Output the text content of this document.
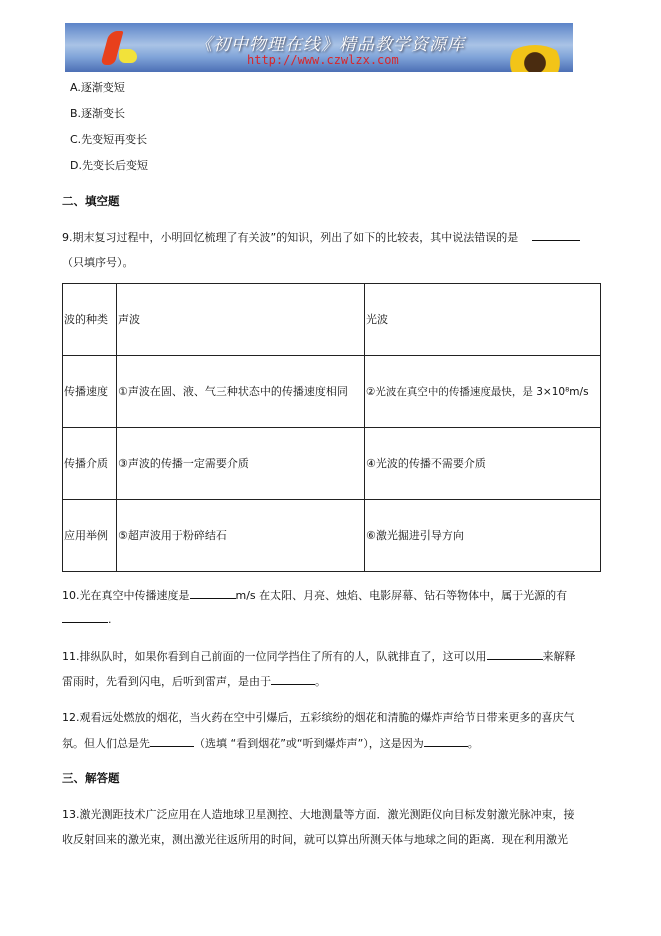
《初中物理在线》精品教学资源库
http://www.czwlzx.com
A.逐渐变短
B.逐渐变长
C.先变短再变长
D.先变长后变短
二、填空题
9.期末复习过程中，小明回忆梳理了有关波”的知识，列出了如下的比较表，其中说法错误的是
（只填序号）。
波的种类	声波	光波
传播速度	①声波在固、液、气三种状态中的传播速度相同	②光波在真空中的传播速度最快，是 3×10⁸m/s
传播介质	③声波的传播一定需要介质	④光波的传播不需要介质
应用举例	⑤超声波用于粉碎结石	⑥激光掘进引导方向
10.光在真空中传播速度是	m/s 在太阳、月亮、烛焰、电影屏幕、钻石等物体中，属于光源的有
.
11.排纵队时，如果你看到自己前面的一位同学挡住了所有的人，队就排直了，这可以用	来解释
雷雨时，先看到闪电，后听到雷声，是由于	。
12.观看远处燃放的烟花，当火药在空中引爆后，五彩缤纷的烟花和清脆的爆炸声给节日带来更多的喜庆气
氛。但人们总是先	（选填 “看到烟花”或“听到爆炸声”），这是因为	。
三、解答题
13.激光测距技术广泛应用在人造地球卫星测控、大地测量等方面．激光测距仪向目标发射激光脉冲束，接
收反射回来的激光束，测出激光往返所用的时间，就可以算出所测天体与地球之间的距离．现在利用激光
